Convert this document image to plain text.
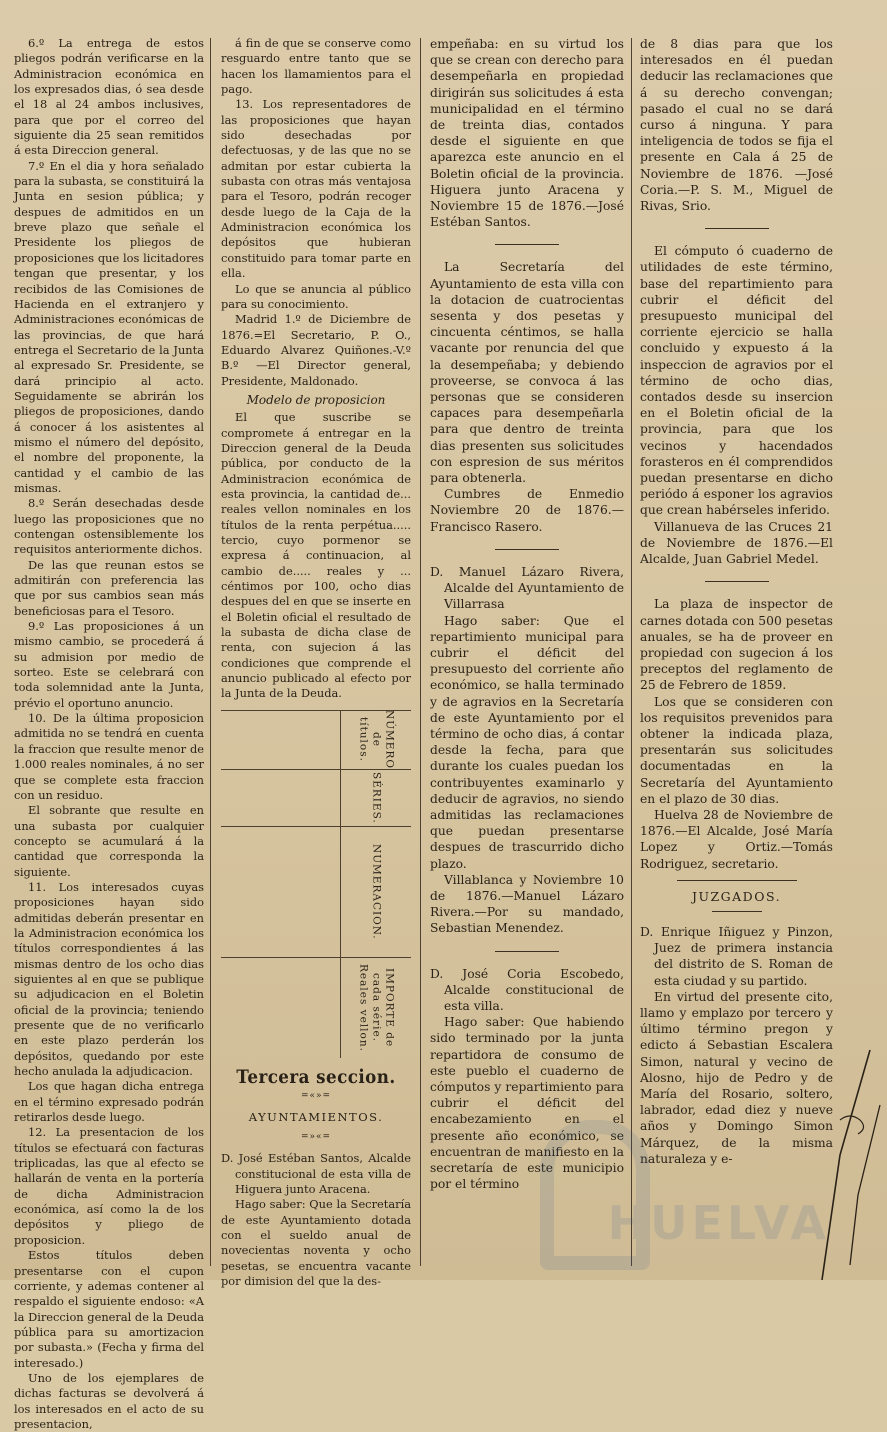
6.º La entrega de estos pliegos podrán verificarse en la Administracion económica en los expresados dias, ó sea desde el 18 al 24 ambos inclusives, para que por el correo del siguiente dia 25 sean remitidos á esta Direccion general.

7.º En el dia y hora señalado para la subasta, se constituirá la Junta en sesion pública; y despues de admitidos en un breve plazo que señale el Presidente los pliegos de proposiciones que los licitadores tengan que presentar, y los recibidos de las Comisiones de Hacienda en el extranjero y Administraciones económicas de las provincias, de que hará entrega el Secretario de la Junta al expresado Sr. Presidente, se dará principio al acto. Seguidamente se abrirán los pliegos de proposiciones, dando á conocer á los asistentes al mismo el número del depósito, el nombre del proponente, la cantidad y el cambio de las mismas.

8.º Serán desechadas desde luego las proposiciones que no contengan ostensiblemente los requisitos anteriormente dichos.

De las que reunan estos se admitirán con preferencia las que por sus cambios sean más beneficiosas para el Tesoro.

9.º Las proposiciones á un mismo cambio, se procederá á su admision por medio de sorteo. Este se celebrará con toda solemnidad ante la Junta, prévio el oportuno anuncio.

10. De la última proposicion admitida no se tendrá en cuenta la fraccion que resulte menor de 1.000 reales nominales, á no ser que se complete esta fraccion con un residuo.

El sobrante que resulte en una subasta por cualquier concepto se acumulará á la cantidad que corresponda la siguiente.

11. Los interesados cuyas proposiciones hayan sido admitidas deberán presentar en la Administracion económica los títulos correspondientes á las mismas dentro de los ocho dias siguientes al en que se publique su adjudicacion en el Boletin oficial de la provincia; teniendo presente que de no verificarlo en este plazo perderán los depósitos, quedando por este hecho anulada la adjudicacion.

Los que hagan dicha entrega en el término expresado podrán retirarlos desde luego.

12. La presentacion de los títulos se efectuará con facturas triplicadas, las que al efecto se hallarán de venta en la portería de dicha Administracion económica, así como la de los depósitos y pliego de proposicion.

Estos títulos deben presentarse con el cupon corriente, y ademas contener al respaldo el siguiente endoso: «A la Direccion general de la Deuda pública para su amortizacion por subasta.» (Fecha y firma del interesado.)

Uno de los ejemplares de dichas facturas se devolverá á los interesados en el acto de su presentacion,

á fin de que se conserve como resguardo entre tanto que se hacen los llamamientos para el pago.

13. Los representadores de las proposiciones que hayan sido desechadas por defectuosas, y de las que no se admitan por estar cubierta la subasta con otras más ventajosa para el Tesoro, podrán recoger desde luego de la Caja de la Administracion económica los depósitos que hubieran constituido para tomar parte en ella.

Lo que se anuncia al público para su conocimiento.

Madrid 1.º de Diciembre de 1876.=El Secretario, P. O., Eduardo Alvarez Quiñones.-V.º B.º —El Director general, Presidente, Maldonado.

Modelo de proposicion

El que suscribe se compromete á entregar en la Direccion general de la Deuda pública, por conducto de la Administracion económica de esta provincia, la cantidad de... reales vellon nominales en los títulos de la renta perpétua..... tercio, cuyo pormenor se expresa á continuacion, al cambio de..... reales y ... céntimos por 100, ocho dias despues del en que se inserte en el Boletin oficial el resultado de la subasta de dicha clase de renta, con sujecion á las condiciones que comprende el anuncio publicado al efecto por la Junta de la Deuda.

NÚMERO de títulos.
SÉRIES.
NUMERACION.
IMPORTE de cada série. Reales vellon.
Tercera seccion.
=«»=
AYUNTAMIENTOS.
=»«=

D. José Estéban Santos, Alcalde constitucional de esta villa de Higuera junto Aracena.

Hago saber: Que la Secretaría de este Ayuntamiento dotada con el sueldo anual de novecientas noventa y ocho pesetas, se encuentra vacante por dimision del que la des-

empeñaba: en su virtud los que se crean con derecho para desempeñarla en propiedad dirigirán sus solicitudes á esta municipalidad en el término de treinta dias, contados desde el siguiente en que aparezca este anuncio en el Boletin oficial de la provincia. Higuera junto Aracena y Noviembre 15 de 1876.—José Estéban Santos.

La Secretaría del Ayuntamiento de esta villa con la dotacion de cuatrocientas sesenta y dos pesetas y cincuenta céntimos, se halla vacante por renuncia del que la desempeñaba; y debiendo proveerse, se convoca á las personas que se consideren capaces para desempeñarla para que dentro de treinta dias presenten sus solicitudes con espresion de sus méritos para obtenerla.

Cumbres de Enmedio Noviembre 20 de 1876.—Francisco Rasero.

D. Manuel Lázaro Rivera, Alcalde del Ayuntamiento de Villarrasa

Hago saber: Que el repartimiento municipal para cubrir el déficit del presupuesto del corriente año económico, se halla terminado y de agravios en la Secretaría de este Ayuntamiento por el término de ocho dias, á contar desde la fecha, para que durante los cuales puedan los contribuyentes examinarlo y deducir de agravios, no siendo admitidas las reclamaciones que puedan presentarse despues de trascurrido dicho plazo.

Villablanca y Noviembre 10 de 1876.—Manuel Lázaro Rivera.—Por su mandado, Sebastian Menendez.

D. José Coria Escobedo, Alcalde constitucional de esta villa.

Hago saber: Que habiendo sido terminado por la junta repartidora de consumo de este pueblo el cuaderno de cómputos y repartimiento para cubrir el déficit del encabezamiento en el presente año económico, se encuentran de manifiesto en la secretaría de este municipio por el término

de 8 dias para que los interesados en él puedan deducir las reclamaciones que á su derecho convengan; pasado el cual no se dará curso á ninguna. Y para inteligencia de todos se fija el presente en Cala á 25 de Noviembre de 1876. —José Coria.—P. S. M., Miguel de Rivas, Srio.

El cómputo ó cuaderno de utilidades de este término, base del repartimiento para cubrir el déficit del presupuesto municipal del corriente ejercicio se halla concluido y expuesto á la inspeccion de agravios por el término de ocho dias, contados desde su insercion en el Boletin oficial de la provincia, para que los vecinos y hacendados forasteros en él comprendidos puedan presentarse en dicho periódo á esponer los agravios que crean habérseles inferido.

Villanueva de las Cruces 21 de Noviembre de 1876.—El Alcalde, Juan Gabriel Medel.

La plaza de inspector de carnes dotada con 500 pesetas anuales, se ha de proveer en propiedad con sugecion á los preceptos del reglamento de 25 de Febrero de 1859.

Los que se consideren con los requisitos prevenidos para obtener la indicada plaza, presentarán sus solicitudes documentadas en la Secretaría del Ayuntamiento en el plazo de 30 dias.

Huelva 28 de Noviembre de 1876.—El Alcalde, José María Lopez y Ortiz.—Tomás Rodriguez, secretario.

JUZGADOS.

D. Enrique Iñiguez y Pinzon, Juez de primera instancia del distrito de S. Roman de esta ciudad y su partido.

En virtud del presente cito, llamo y emplazo por tercero y último término pregon y edicto á Sebastian Escalera Simon, natural y vecino de Alosno, hijo de Pedro y de María del Rosario, soltero, labrador, edad diez y nueve años y Domingo Simon Márquez, de la misma naturaleza y e-

HUELVA
